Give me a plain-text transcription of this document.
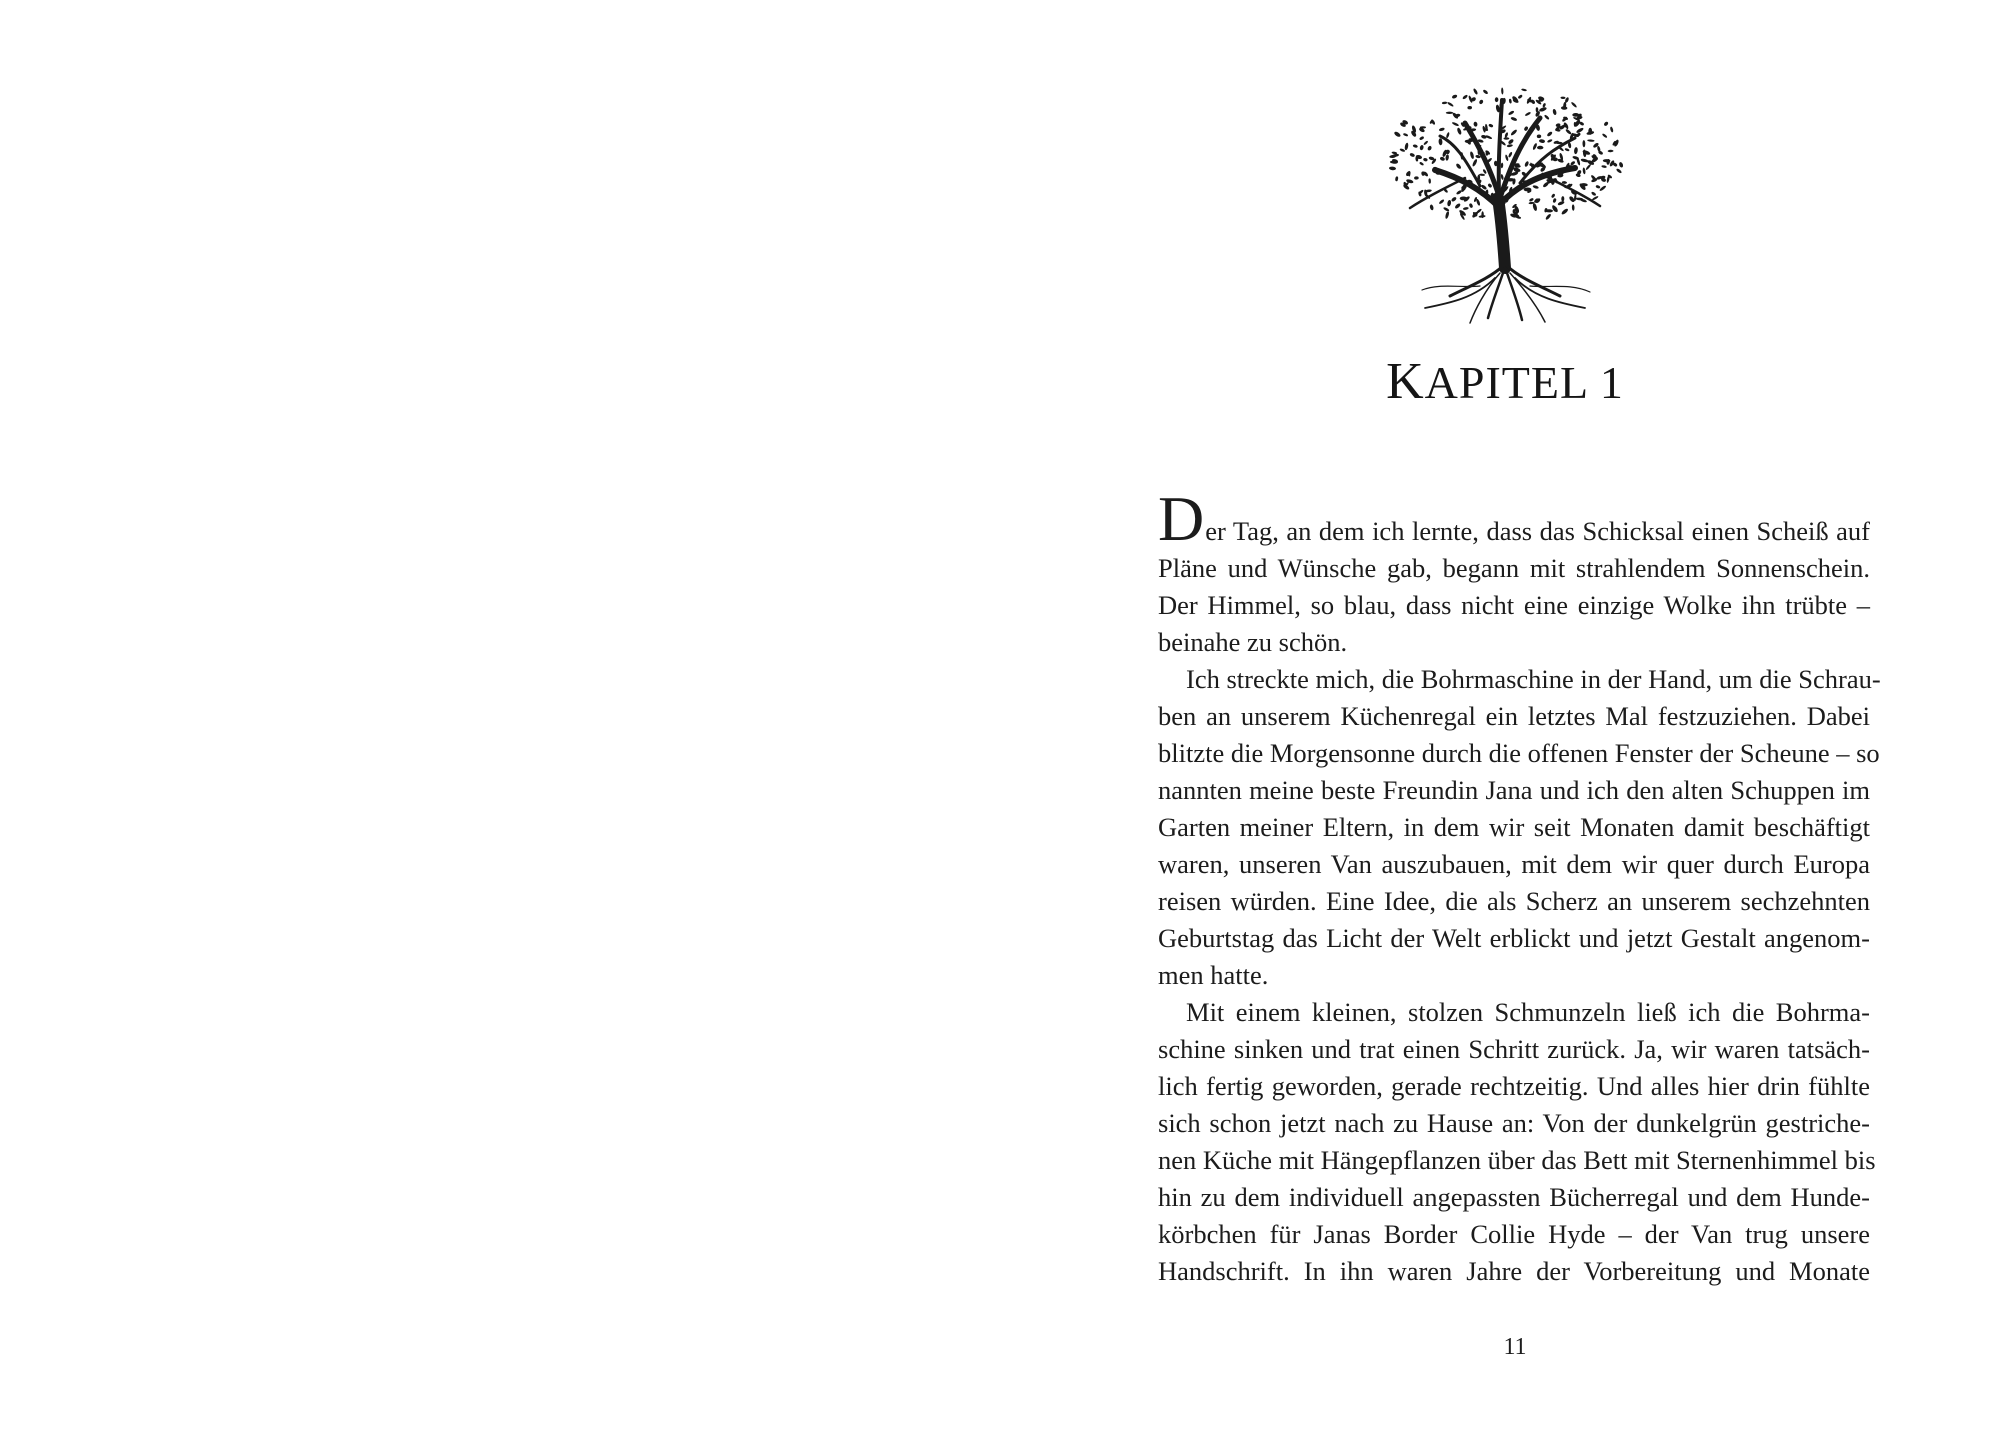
KAPITEL 1

Der Tag, an dem ich lernte, dass das Schicksal einen Scheiß auf

Pläne und Wünsche gab, begann mit strahlendem Sonnenschein.

Der Himmel, so blau, dass nicht eine einzige Wolke ihn trübte –

beinahe zu schön.

Ich streckte mich, die Bohrmaschine in der Hand, um die Schrau-

ben an unserem Küchenregal ein letztes Mal festzuziehen. Dabei

blitzte die Morgensonne durch die offenen Fenster der Scheune – so

nannten meine beste Freundin Jana und ich den alten Schuppen im

Garten meiner Eltern, in dem wir seit Monaten damit beschäftigt

waren, unseren Van auszubauen, mit dem wir quer durch Europa

reisen würden. Eine Idee, die als Scherz an unserem sechzehnten

Geburtstag das Licht der Welt erblickt und jetzt Gestalt angenom-

men hatte.

Mit einem kleinen, stolzen Schmunzeln ließ ich die Bohrma-

schine sinken und trat einen Schritt zurück. Ja, wir waren tatsäch-

lich fertig geworden, gerade rechtzeitig. Und alles hier drin fühlte

sich schon jetzt nach zu Hause an: Von der dunkelgrün gestriche-

nen Küche mit Hängepflanzen über das Bett mit Sternenhimmel bis

hin zu dem individuell angepassten Bücherregal und dem Hunde-

körbchen für Janas Border Collie Hyde – der Van trug unsere

Handschrift. In ihn waren Jahre der Vorbereitung und Monate

11
